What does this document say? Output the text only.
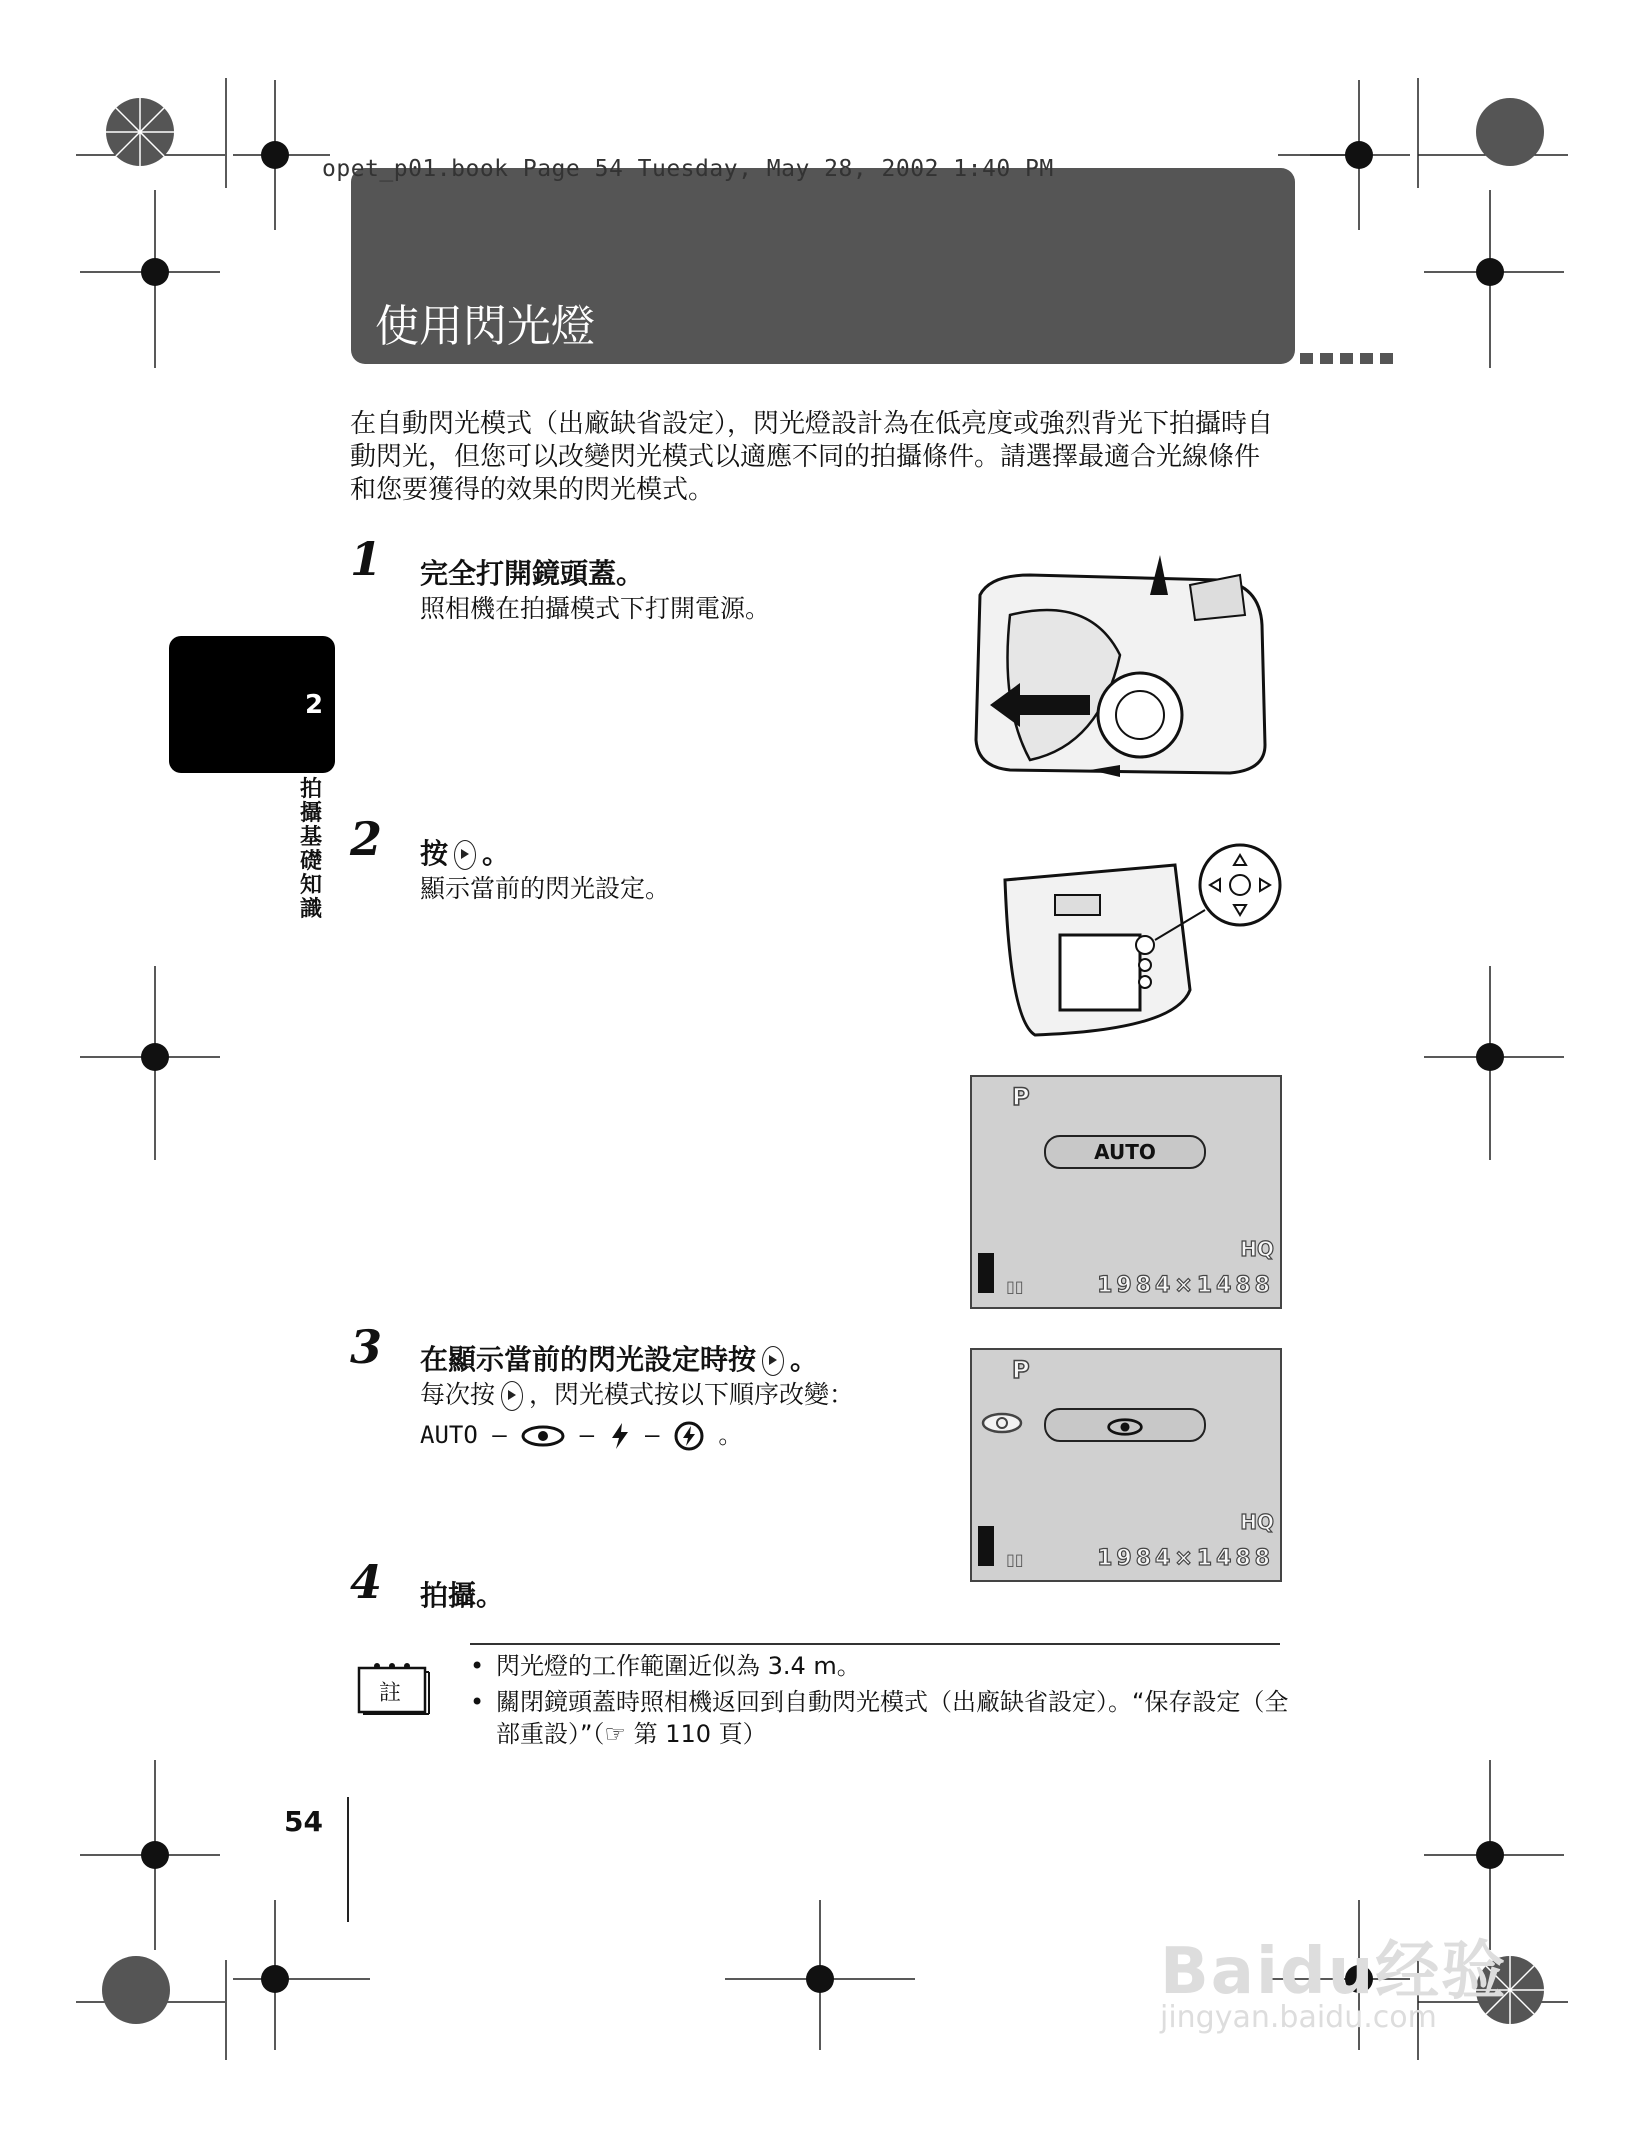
opet_p01.book Page 54 Tuesday, May 28, 2002 1:40 PM
使用閃光燈
在自動閃光模式（出廠缺省設定），閃光燈設計為在低亮度或強烈背光下拍攝時自動閃光，但您可以改變閃光模式以適應不同的拍攝條件。請選擇最適合光線條件和您要獲得的效果的閃光模式。
2
拍攝基礎知識
1 完全打開鏡頭蓋。
照相機在拍攝模式下打開電源。
2 按 。
顯示當前的閃光設定。
P
AUTO
HQ
▯▯	1984×1488
3 在顯示當前的閃光設定時按 。
每次按 ，閃光模式按以下順序改變：
AUTO –	– – 。
P
HQ
▯▯	1984×1488
4 拍攝。
註
• 閃光燈的工作範圍近似為 3.4 m。
• 關閉鏡頭蓋時照相機返回到自動閃光模式（出廠缺省設定）。“保存設定（全部重設）”（☞ 第 110 頁）
54
Baidu经验
jingyan.baidu.com
